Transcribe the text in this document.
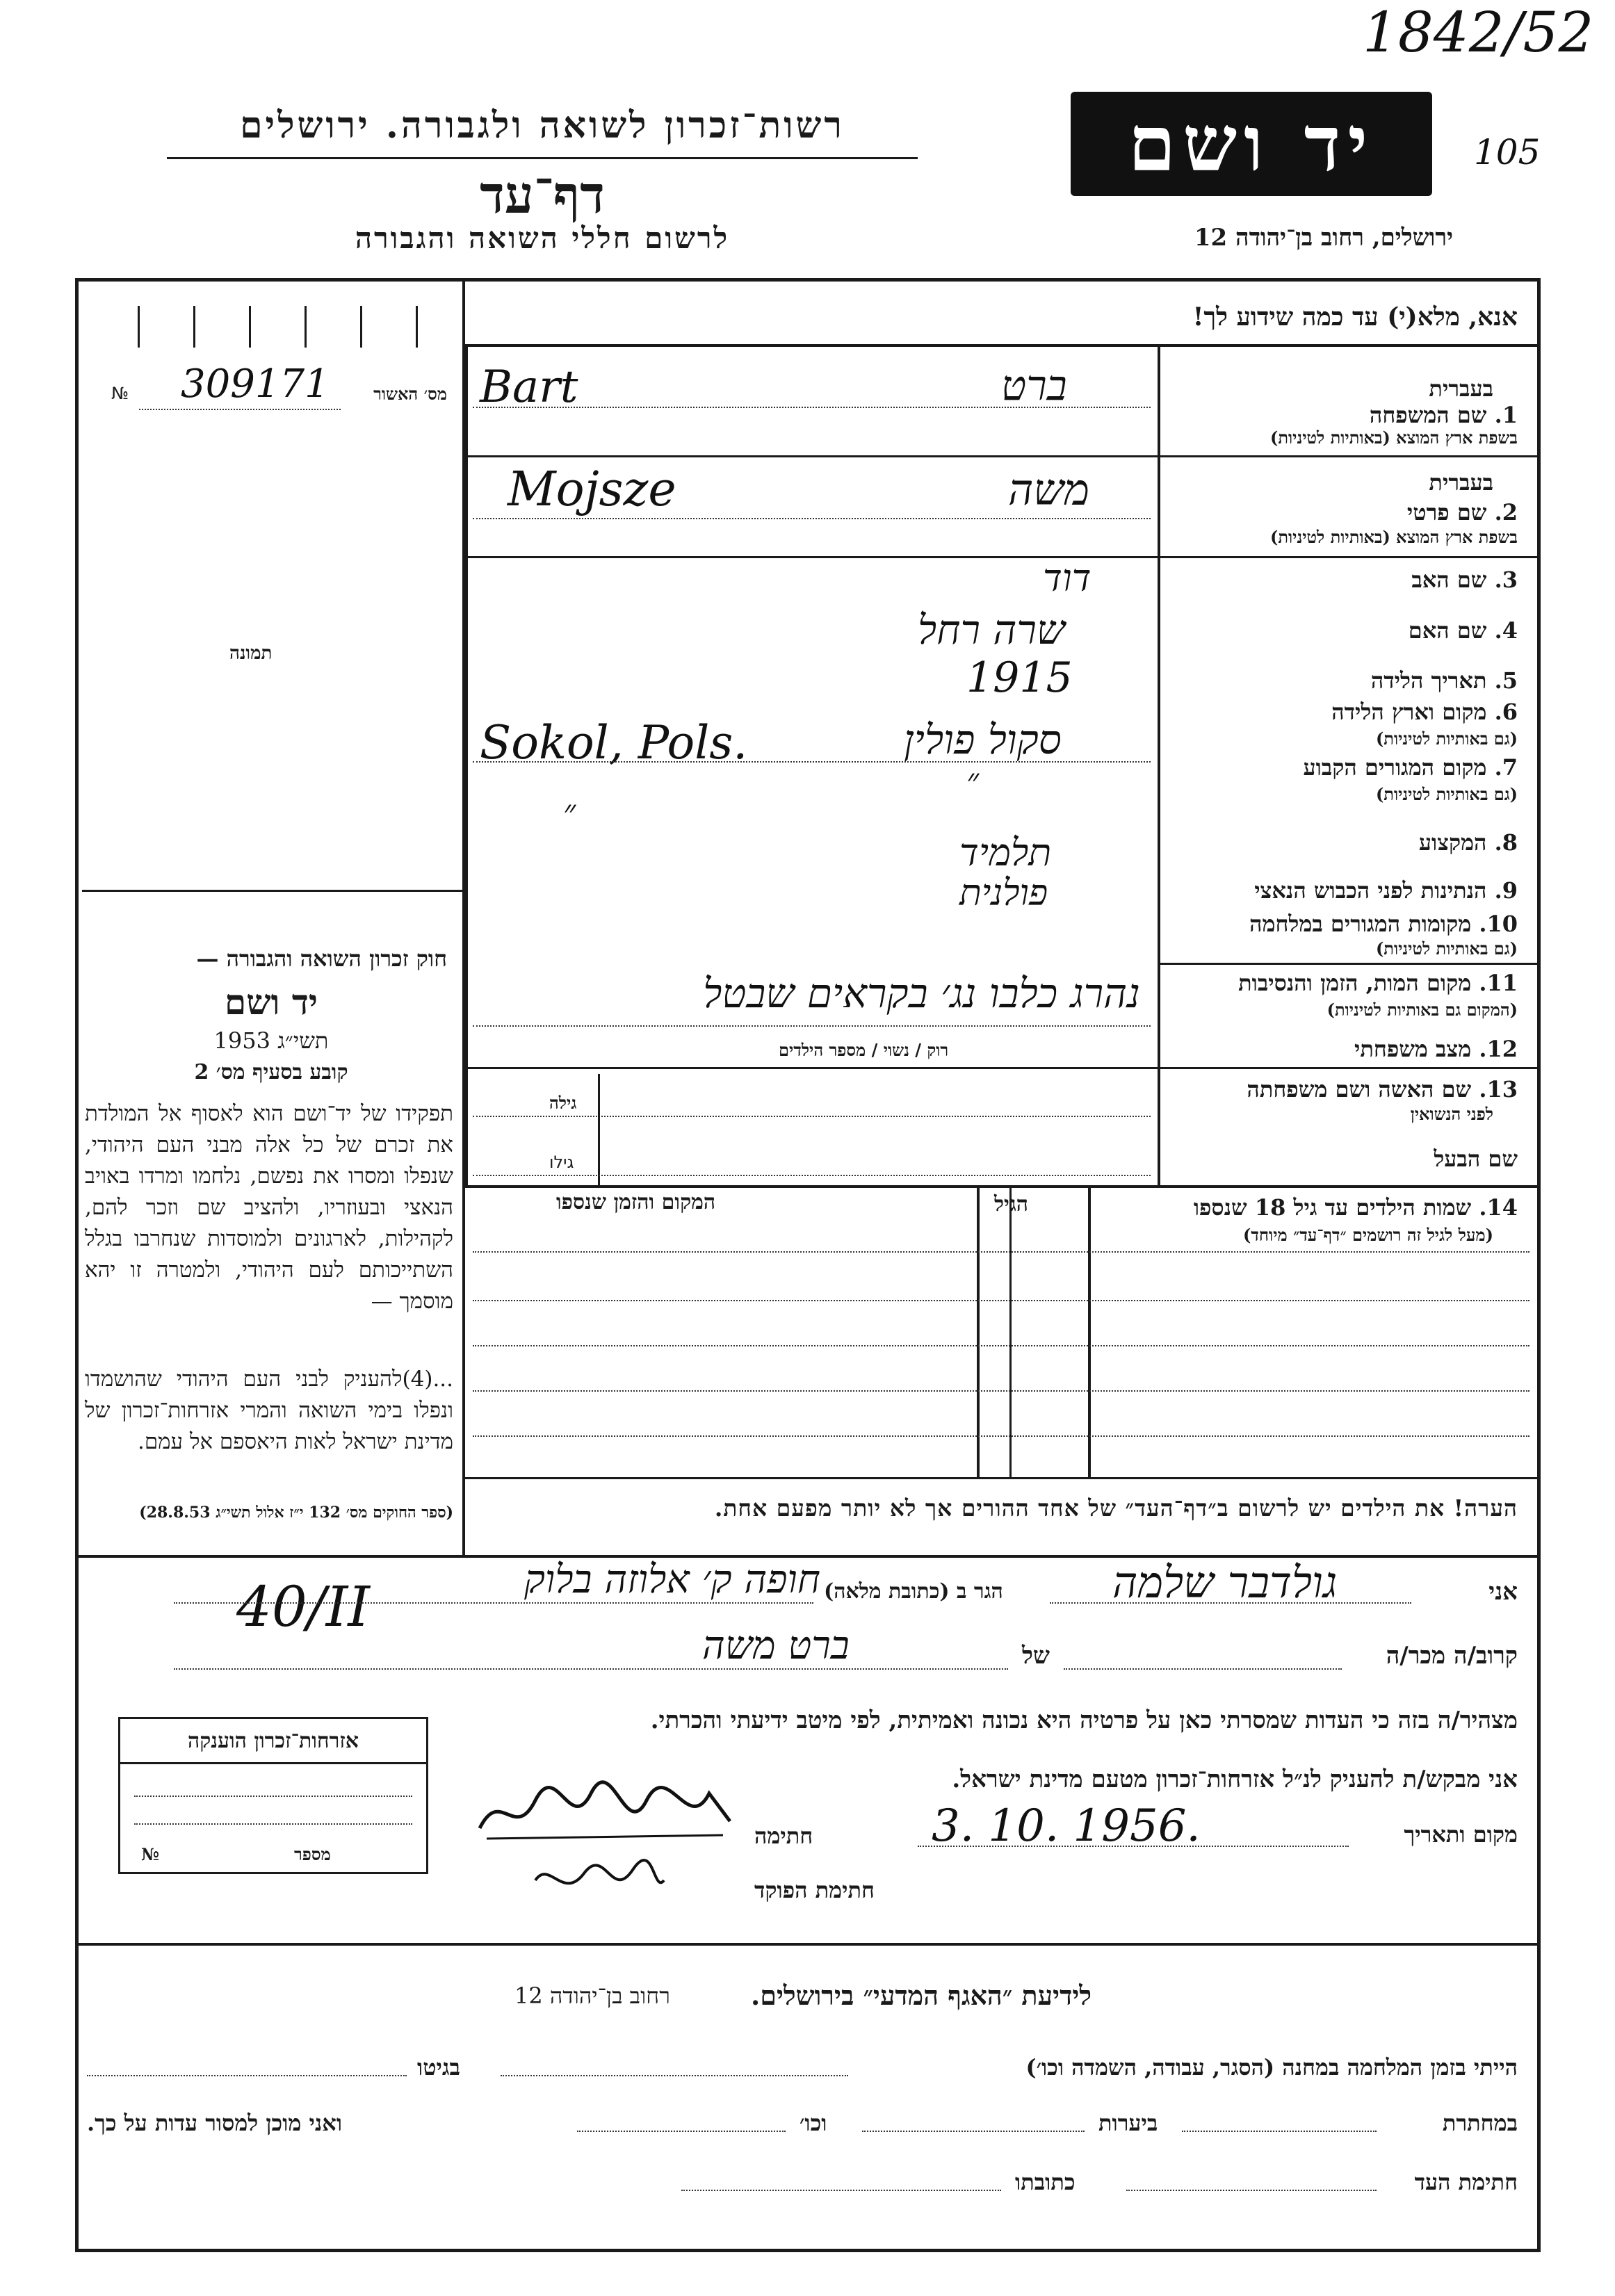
1842/52
105
רשות־זכרון לשואה ולגבורה. ירושלים
דף־עד
לרשום חללי השואה והגבורה
יד ושם
ירושלים, רחוב בן־יהודה 12
אנא, מלא(י) עד כמה שידוע לך!
מס׳ האשור
№ 309171
תמונה
חוק זכרון השואה והגבורה —
יד ושם
תשי״ג 1953
קובע בסעיף מס׳ 2
תפקידו של יד־ושם הוא לאסוף אל המולדת את זכרם של כל אלה מבני העם היהודי, שנפלו ומסרו את נפשם, נלחמו ומרדו באויב הנאצי ובעוזריו, ולהציב שם וזכר להם, לקהילות, לארגונים ולמוסדות שנחרבו בגלל השתייכותם לעם היהודי, ולמטרה זו יהא מוסמך —
...(4)להעניק לבני העם היהודי שהושמדו ונפלו בימי השואה והמרי אזרחות־זכרון של מדינת ישראל לאות היאספם אל עמם.
(ספר החוקים מס׳ 132 י״ז אלול תשי״ג 28.8.53)
בעברית
1. שם המשפחה
בשפת ארץ המוצא (באותיות לטיניות)
Bart	ברט
בעברית
2. שם פרטי
בשפת ארץ המוצא (באותיות לטיניות)
Mojsze	משה
3. שם האב
דוד
4. שם האם
שרה רחל
5. תאריך הלידה
1915
6. מקום וארץ הלידה
(גם באותיות לטיניות)
Sokol, Pols.	סקול פולין
7. מקום המגורים הקבוע
(גם באותיות לטיניות)
״
״
8. המקצוע
תלמיד
9. הנתינות לפני הכבוש הנאצי
פולנית
10. מקומות המגורים במלחמה
(גם באותיות לטיניות)
11. מקום המות, הזמן והנסיבות
(המקום גם באותיות לטיניות)
נהרג כלבו נג׳ בקראים שבטל
12. מצב משפחתי
רוק / נשוי / מספר הילדים
13. שם האשה ושם משפחתה
לפני הנשואין
גילה
שם הבעל
גילו
14. שמות הילדים עד גיל 18 שנספו
(מעל לגיל זה רושמים ״דף־עד״ מיוחד)
הגיל
המקום והזמן שנספו
הערה! את הילדים יש לרשום ב״דף־העד״ של אחד ההורים אך לא יותר מפעם אחת.
אני
גולדבר שלמה
הגר ב (כתובת מלאה)
חופה ק׳ אלוזה בלוק
40/II
קרוב/ה מכר/ה
של
ברט משה
מצהיר/ה בזה כי העדות שמסרתי כאן על פרטיה היא נכונה ואמיתית, לפי מיטב ידיעתי והכרתי.
אני מבקש/ת להעניק לנ״ל אזרחות־זכרון מטעם מדינת ישראל.
מקום ותאריך
3. 10. 1956.
חתימה
חתימת הפוקד
אזרחות־זכרון הוענקה
№	מספר
לידיעת ״האגף המדעי״ בירושלים.
רחוב בן־יהודה 12
הייתי בזמן המלחמה במחנה (הסגר, עבודה, השמדה וכו׳)
בגיטו
במחתרת
ביערות
וכו׳
ואני מוכן למסור עדות על כך.
חתימת העד
כתובתו
